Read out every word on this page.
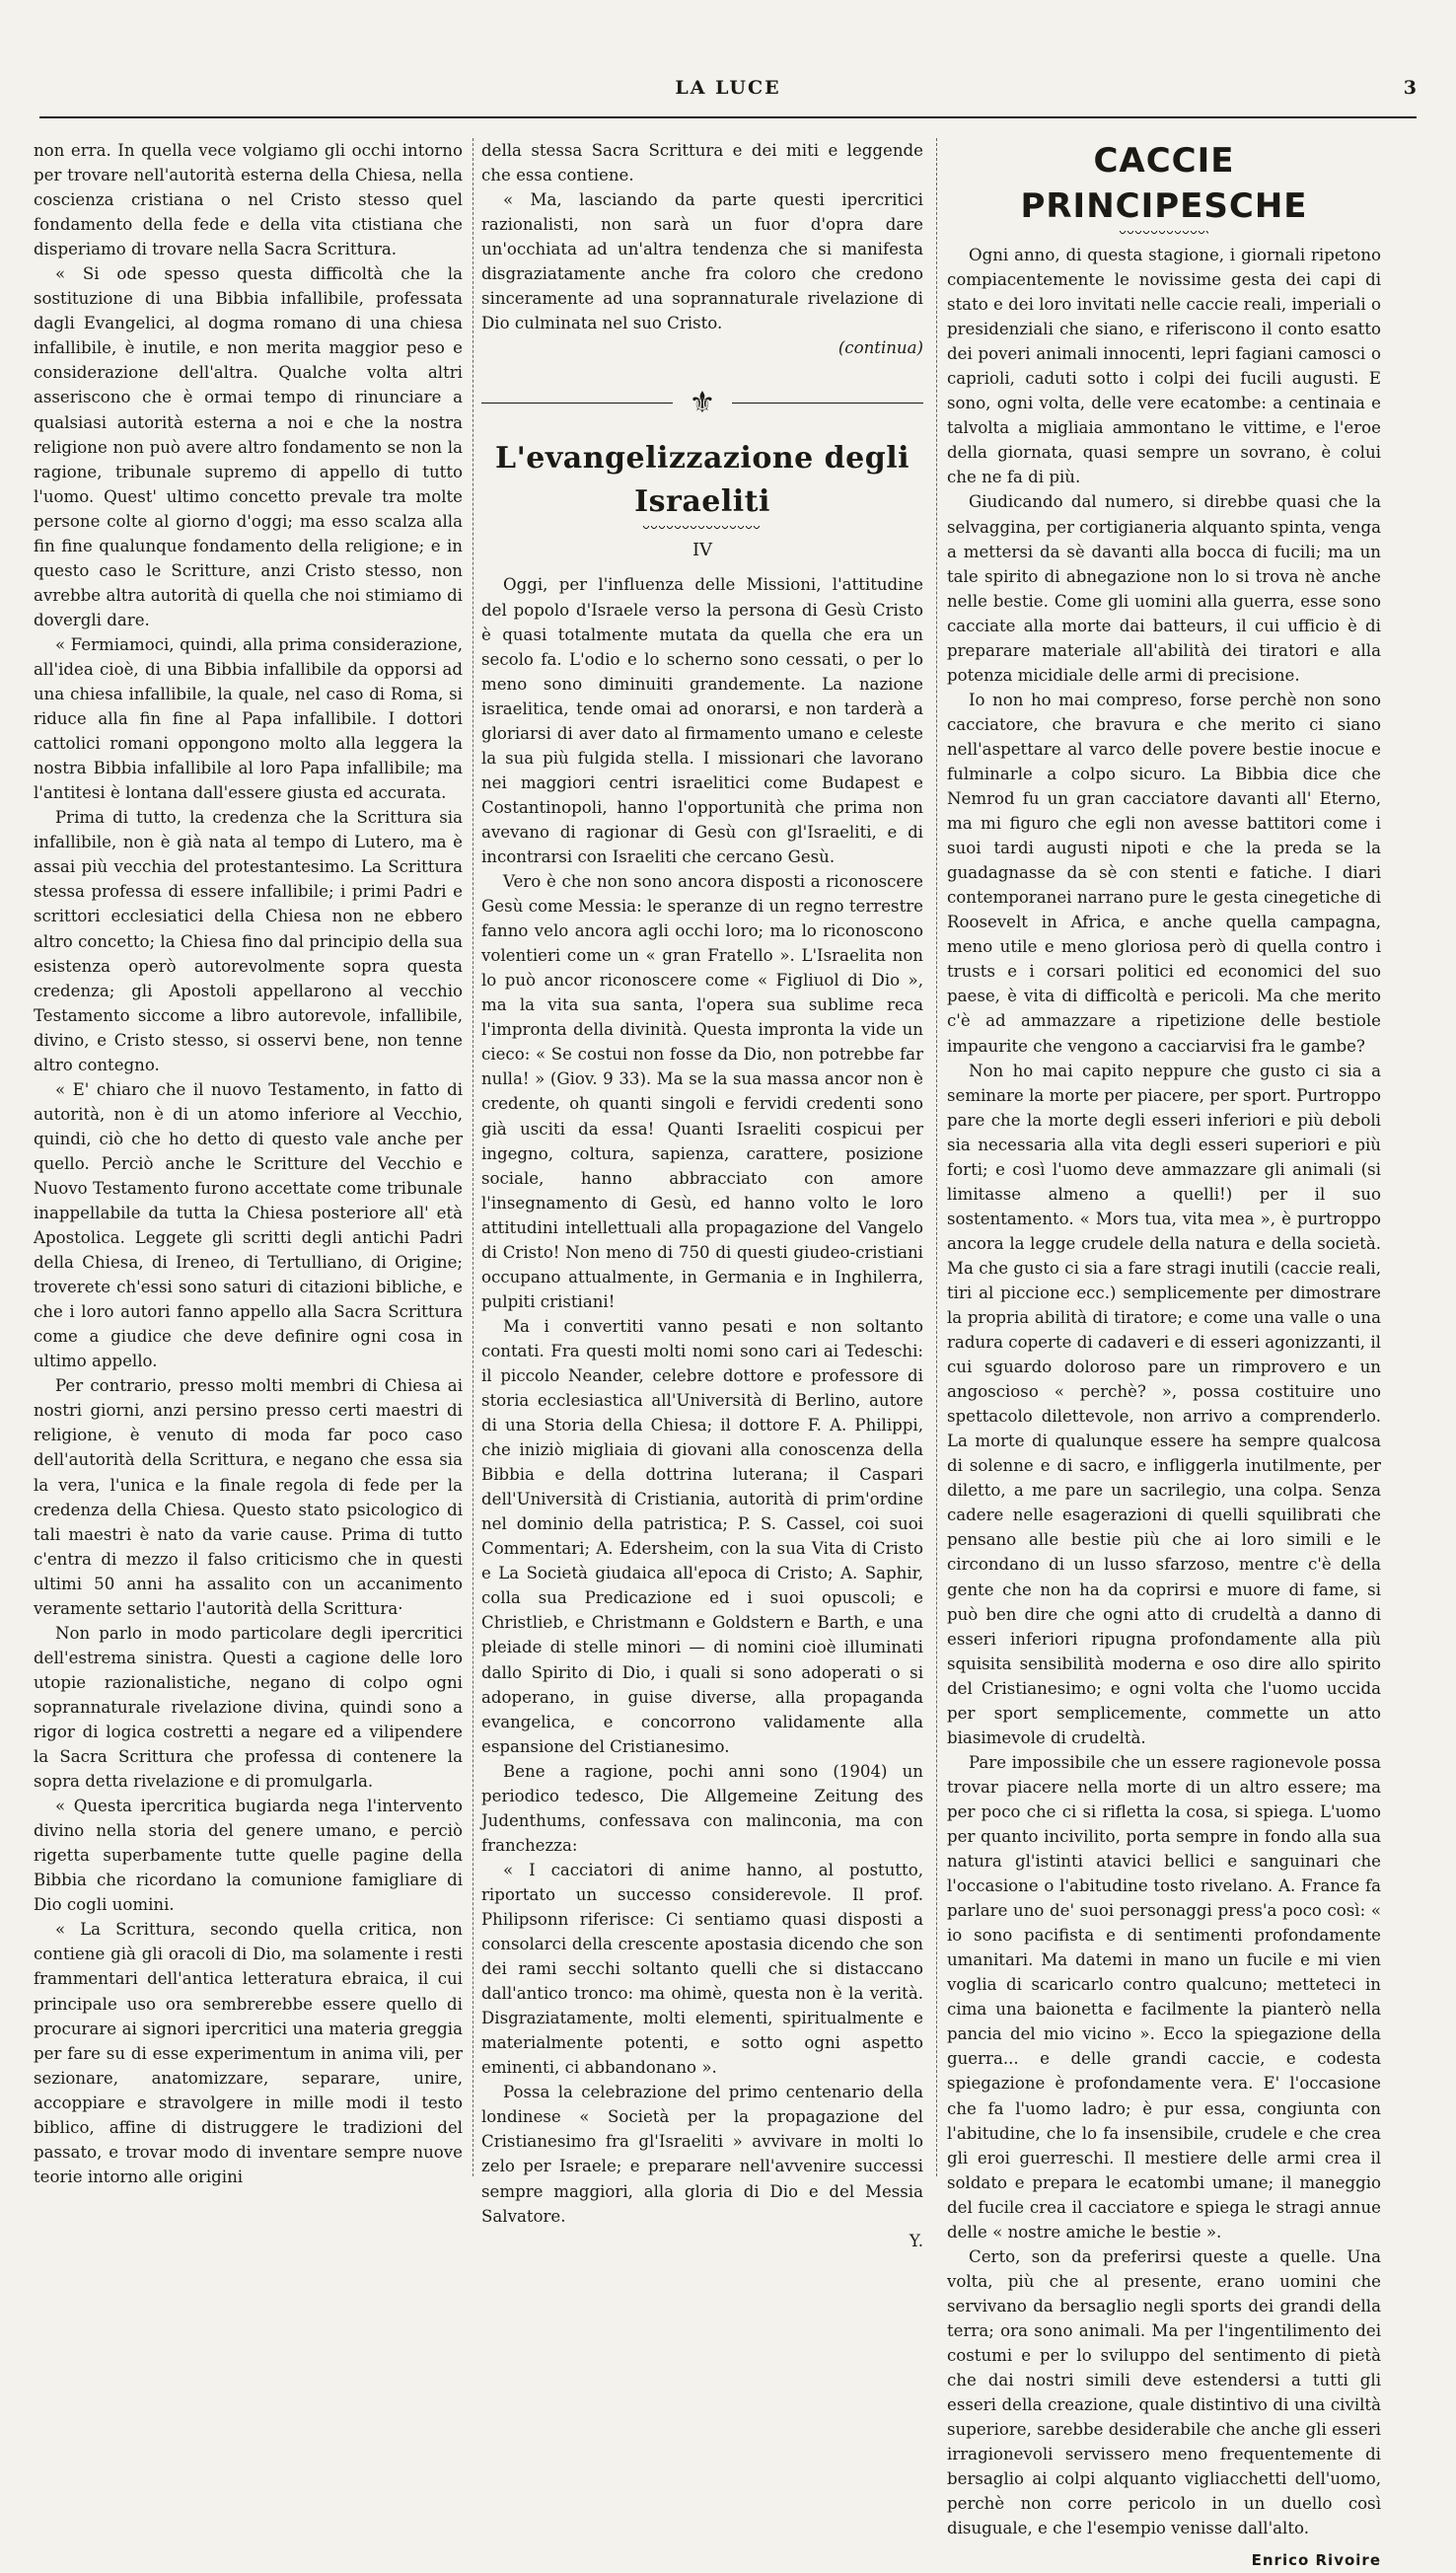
LA LUCE	3

non erra. In quella vece volgiamo gli occhi intorno per trovare nell'autorità esterna della Chiesa, nella coscienza cristiana o nel Cristo stesso quel fondamento della fede e della vita ctistiana che disperiamo di trovare nella Sacra Scrittura.

« Si ode spesso questa difficoltà che la sostituzione di una Bibbia infallibile, professata dagli Evangelici, al dogma romano di una chiesa infallibile, è inutile, e non merita maggior peso e considerazione dell'altra. Qualche volta altri asseriscono che è ormai tempo di rinunciare a qualsiasi autorità esterna a noi e che la nostra religione non può avere altro fondamento se non la ragione, tribunale supremo di appello di tutto l'uomo. Quest' ultimo concetto prevale tra molte persone colte al giorno d'oggi; ma esso scalza alla fin fine qualunque fondamento della religione; e in questo caso le Scritture, anzi Cristo stesso, non avrebbe altra autorità di quella che noi stimiamo di dovergli dare.

« Fermiamoci, quindi, alla prima considerazione, all'idea cioè, di una Bibbia infallibile da opporsi ad una chiesa infallibile, la quale, nel caso di Roma, si riduce alla fin fine al Papa infallibile. I dottori cattolici romani oppongono molto alla leggera la nostra Bibbia infallibile al loro Papa infallibile; ma l'antitesi è lontana dall'essere giusta ed accurata.

Prima di tutto, la credenza che la Scrittura sia infallibile, non è già nata al tempo di Lutero, ma è assai più vecchia del protestantesimo. La Scrittura stessa professa di essere infallibile; i primi Padri e scrittori ecclesiatici della Chiesa non ne ebbero altro concetto; la Chiesa fino dal principio della sua esistenza operò autorevolmente sopra questa credenza; gli Apostoli appellarono al vecchio Testamento siccome a libro autorevole, infallibile, divino, e Cristo stesso, si osservi bene, non tenne altro contegno.

« E' chiaro che il nuovo Testamento, in fatto di autorità, non è di un atomo inferiore al Vecchio, quindi, ciò che ho detto di questo vale anche per quello. Perciò anche le Scritture del Vecchio e Nuovo Testamento furono accettate come tribunale inappellabile da tutta la Chiesa posteriore all' età Apostolica. Leggete gli scritti degli antichi Padri della Chiesa, di Ireneo, di Tertulliano, di Origine; troverete ch'essi sono saturi di citazioni bibliche, e che i loro autori fanno appello alla Sacra Scrittura come a giudice che deve definire ogni cosa in ultimo appello.

Per contrario, presso molti membri di Chiesa ai nostri giorni, anzi persino presso certi maestri di religione, è venuto di moda far poco caso dell'autorità della Scrittura, e negano che essa sia la vera, l'unica e la finale regola di fede per la credenza della Chiesa. Questo stato psicologico di tali maestri è nato da varie cause. Prima di tutto c'entra di mezzo il falso criticismo che in questi ultimi 50 anni ha assalito con un accanimento veramente settario l'autorità della Scrittura·

Non parlo in modo particolare degli ipercritici dell'estrema sinistra. Questi a cagione delle loro utopie razionalistiche, negano di colpo ogni soprannaturale rivelazione divina, quindi sono a rigor di logica costretti a negare ed a vilipendere la Sacra Scrittura che professa di contenere la sopra detta rivelazione e di promulgarla.

« Questa ipercritica bugiarda nega l'intervento divino nella storia del genere umano, e perciò rigetta superbamente tutte quelle pagine della Bibbia che ricordano la comunione famigliare di Dio cogli uomini.

« La Scrittura, secondo quella critica, non contiene già gli oracoli di Dio, ma solamente i resti frammentari dell'antica letteratura ebraica, il cui principale uso ora sembrerebbe essere quello di procurare ai signori ipercritici una materia greggia per fare su di esse experimentum in anima vili, per sezionare, anatomizzare, separare, unire, accoppiare e stravolgere in mille modi il testo biblico, affine di distruggere le tradizioni del passato, e trovar modo di inventare sempre nuove teorie intorno alle origini

della stessa Sacra Scrittura e dei miti e leggende che essa contiene.

« Ma, lasciando da parte questi ipercritici razionalisti, non sarà un fuor d'opra dare un'occhiata ad un'altra tendenza che si manifesta disgraziatamente anche fra coloro che credono sinceramente ad una soprannaturale rivelazione di Dio culminata nel suo Cristo.

(continua)
⚜
L'evangelizzazione degli Israeliti
IV

Oggi, per l'influenza delle Missioni, l'attitudine del popolo d'Israele verso la persona di Gesù Cristo è quasi totalmente mutata da quella che era un secolo fa. L'odio e lo scherno sono cessati, o per lo meno sono diminuiti grandemente. La nazione israelitica, tende omai ad onorarsi, e non tarderà a gloriarsi di aver dato al firmamento umano e celeste la sua più fulgida stella. I missionari che lavorano nei maggiori centri israelitici come Budapest e Costantinopoli, hanno l'opportunità che prima non avevano di ragionar di Gesù con gl'Israeliti, e di incontrarsi con Israeliti che cercano Gesù.

Vero è che non sono ancora disposti a riconoscere Gesù come Messia: le speranze di un regno terrestre fanno velo ancora agli occhi loro; ma lo riconoscono volentieri come un « gran Fratello ». L'Israelita non lo può ancor riconoscere come « Figliuol di Dio », ma la vita sua santa, l'opera sua sublime reca l'impronta della divinità. Questa impronta la vide un cieco: « Se costui non fosse da Dio, non potrebbe far nulla! » (Giov. 9 33). Ma se la sua massa ancor non è credente, oh quanti singoli e fervidi credenti sono già usciti da essa! Quanti Israeliti cospicui per ingegno, coltura, sapienza, carattere, posizione sociale, hanno abbracciato con amore l'insegnamento di Gesù, ed hanno volto le loro attitudini intellettuali alla propagazione del Vangelo di Cristo! Non meno di 750 di questi giudeo-cristiani occupano attualmente, in Germania e in Inghilerra, pulpiti cristiani!

Ma i convertiti vanno pesati e non soltanto contati. Fra questi molti nomi sono cari ai Tedeschi: il piccolo Neander, celebre dottore e professore di storia ecclesiastica all'Università di Berlino, autore di una Storia della Chiesa; il dottore F. A. Philippi, che iniziò migliaia di giovani alla conoscenza della Bibbia e della dottrina luterana; il Caspari dell'Università di Cristiania, autorità di prim'ordine nel dominio della patristica; P. S. Cassel, coi suoi Commentari; A. Edersheim, con la sua Vita di Cristo e La Società giudaica all'epoca di Cristo; A. Saphir, colla sua Predicazione ed i suoi opuscoli; e Christlieb, e Christmann e Goldstern e Barth, e una pleiade di stelle minori — di nomini cioè illuminati dallo Spirito di Dio, i quali si sono adoperati o si adoperano, in guise diverse, alla propaganda evangelica, e concorrono validamente alla espansione del Cristianesimo.

Bene a ragione, pochi anni sono (1904) un periodico tedesco, Die Allgemeine Zeitung des Judenthums, confessava con malinconia, ma con franchezza:

« I cacciatori di anime hanno, al postutto, riportato un successo considerevole. Il prof. Philipsonn riferisce: Ci sentiamo quasi disposti a consolarci della crescente apostasia dicendo che son dei rami secchi soltanto quelli che si distaccano dall'antico tronco: ma ohimè, questa non è la verità. Disgraziatamente, molti elementi, spiritualmente e materialmente potenti, e sotto ogni aspetto eminenti, ci abbandonano ».

Possa la celebrazione del primo centenario della londinese « Società per la propagazione del Cristianesimo fra gl'Israeliti » avvivare in molti lo zelo per Israele; e preparare nell'avvenire successi sempre maggiori, alla gloria di Dio e del Messia Salvatore.

Y.
CACCIE PRINCIPESCHE

Ogni anno, di questa stagione, i giornali ripetono compiacentemente le novissime gesta dei capi di stato e dei loro invitati nelle caccie reali, imperiali o presidenziali che siano, e riferiscono il conto esatto dei poveri animali innocenti, lepri fagiani camosci o caprioli, caduti sotto i colpi dei fucili augusti. E sono, ogni volta, delle vere ecatombe: a centinaia e talvolta a migliaia ammontano le vittime, e l'eroe della giornata, quasi sempre un sovrano, è colui che ne fa di più.

Giudicando dal numero, si direbbe quasi che la selvaggina, per cortigianeria alquanto spinta, venga a mettersi da sè davanti alla bocca di fucili; ma un tale spirito di abnegazione non lo si trova nè anche nelle bestie. Come gli uomini alla guerra, esse sono cacciate alla morte dai batteurs, il cui ufficio è di preparare materiale all'abilità dei tiratori e alla potenza micidiale delle armi di precisione.

Io non ho mai compreso, forse perchè non sono cacciatore, che bravura e che merito ci siano nell'aspettare al varco delle povere bestie inocue e fulminarle a colpo sicuro. La Bibbia dice che Nemrod fu un gran cacciatore davanti all' Eterno, ma mi figuro che egli non avesse battitori come i suoi tardi augusti nipoti e che la preda se la guadagnasse da sè con stenti e fatiche. I diari contemporanei narrano pure le gesta cinegetiche di Roosevelt in Africa, e anche quella campagna, meno utile e meno gloriosa però di quella contro i trusts e i corsari politici ed economici del suo paese, è vita di difficoltà e pericoli. Ma che merito c'è ad ammazzare a ripetizione delle bestiole impaurite che vengono a cacciarvisi fra le gambe?

Non ho mai capito neppure che gusto ci sia a seminare la morte per piacere, per sport. Purtroppo pare che la morte degli esseri inferiori e più deboli sia necessaria alla vita degli esseri superiori e più forti; e così l'uomo deve ammazzare gli animali (si limitasse almeno a quelli!) per il suo sostentamento. « Mors tua, vita mea », è purtroppo ancora la legge crudele della natura e della società. Ma che gusto ci sia a fare stragi inutili (caccie reali, tiri al piccione ecc.) semplicemente per dimostrare la propria abilità di tiratore; e come una valle o una radura coperte di cadaveri e di esseri agonizzanti, il cui sguardo doloroso pare un rimprovero e un angoscioso « perchè? », possa costituire uno spettacolo dilettevole, non arrivo a comprenderlo. La morte di qualunque essere ha sempre qualcosa di solenne e di sacro, e infliggerla inutilmente, per diletto, a me pare un sacrilegio, una colpa. Senza cadere nelle esagerazioni di quelli squilibrati che pensano alle bestie più che ai loro simili e le circondano di un lusso sfarzoso, mentre c'è della gente che non ha da coprirsi e muore di fame, si può ben dire che ogni atto di crudeltà a danno di esseri inferiori ripugna profondamente alla più squisita sensibilità moderna e oso dire allo spirito del Cristianesimo; e ogni volta che l'uomo uccida per sport semplicemente, commette un atto biasimevole di crudeltà.

Pare impossibile che un essere ragionevole possa trovar piacere nella morte di un altro essere; ma per poco che ci si rifletta la cosa, si spiega. L'uomo per quanto incivilito, porta sempre in fondo alla sua natura gl'istinti atavici bellici e sanguinari che l'occasione o l'abitudine tosto rivelano. A. France fa parlare uno de' suoi personaggi press'a poco così: « io sono pacifista e di sentimenti profondamente umanitari. Ma datemi in mano un fucile e mi vien voglia di scaricarlo contro qualcuno; metteteci in cima una baionetta e facilmente la pianterò nella pancia del mio vicino ». Ecco la spiegazione della guerra... e delle grandi caccie, e codesta spiegazione è profondamente vera. E' l'occasione che fa l'uomo ladro; è pur essa, congiunta con l'abitudine, che lo fa insensibile, crudele e che crea gli eroi guerreschi. Il mestiere delle armi crea il soldato e prepara le ecatombi umane; il maneggio del fucile crea il cacciatore e spiega le stragi annue delle « nostre amiche le bestie ».

Certo, son da preferirsi queste a quelle. Una volta, più che al presente, erano uomini che servivano da bersaglio negli sports dei grandi della terra; ora sono animali. Ma per l'ingentilimento dei costumi e per lo sviluppo del sentimento di pietà che dai nostri simili deve estendersi a tutti gli esseri della creazione, quale distintivo di una civiltà superiore, sarebbe desiderabile che anche gli esseri irragionevoli servissero meno frequentemente di bersaglio ai colpi alquanto vigliacchetti dell'uomo, perchè non corre pericolo in un duello così disuguale, e che l'esempio venisse dall'alto.

Enrico Rivoire
